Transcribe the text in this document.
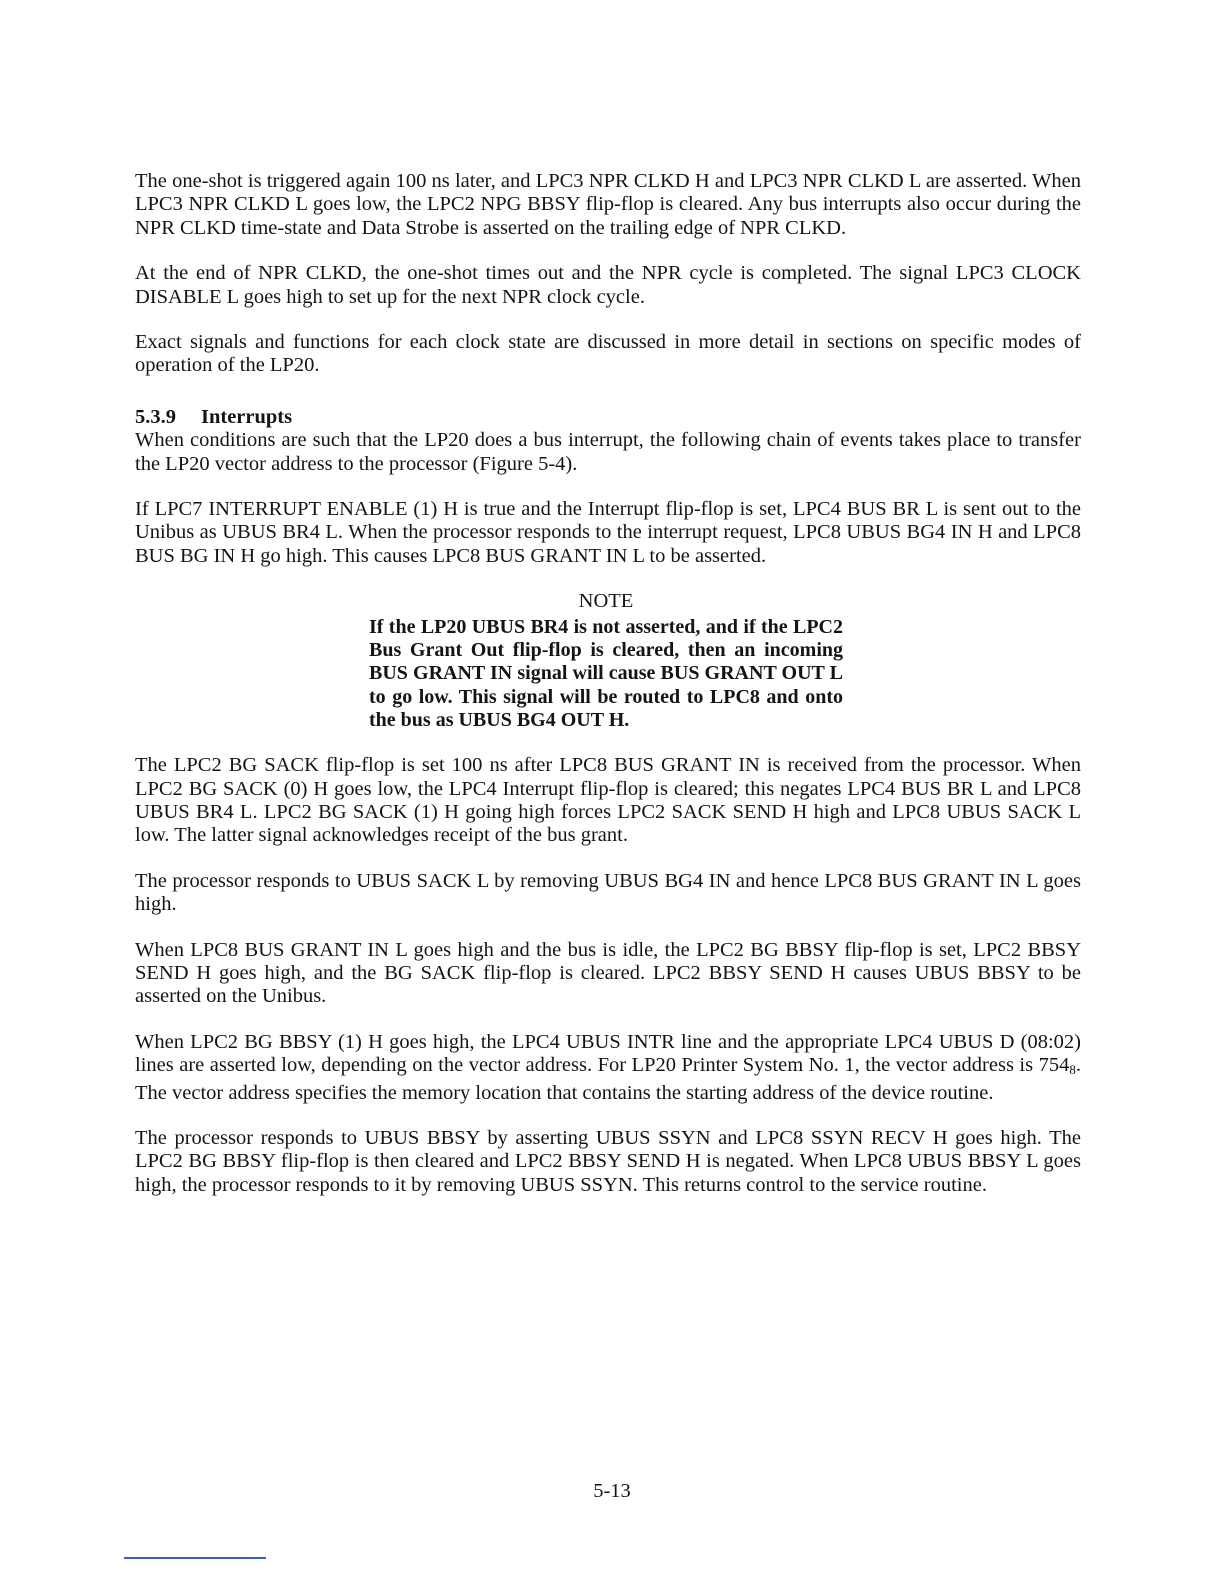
The one-shot is triggered again 100 ns later, and LPC3 NPR CLKD H and LPC3 NPR CLKD L are asserted. When LPC3 NPR CLKD L goes low, the LPC2 NPG BBSY flip-flop is cleared. Any bus interrupts also occur during the NPR CLKD time-state and Data Strobe is asserted on the trailing edge of NPR CLKD.

At the end of NPR CLKD, the one-shot times out and the NPR cycle is completed. The signal LPC3 CLOCK DISABLE L goes high to set up for the next NPR clock cycle.

Exact signals and functions for each clock state are discussed in more detail in sections on specific modes of operation of the LP20.

5.3.9 Interrupts

When conditions are such that the LP20 does a bus interrupt, the following chain of events takes place to transfer the LP20 vector address to the processor (Figure 5-4).

If LPC7 INTERRUPT ENABLE (1) H is true and the Interrupt flip-flop is set, LPC4 BUS BR L is sent out to the Unibus as UBUS BR4 L. When the processor responds to the interrupt request, LPC8 UBUS BG4 IN H and LPC8 BUS BG IN H go high. This causes LPC8 BUS GRANT IN L to be asserted.

NOTE

If the LP20 UBUS BR4 is not asserted, and if the LPC2 Bus Grant Out flip-flop is cleared, then an incoming BUS GRANT IN signal will cause BUS GRANT OUT L to go low. This signal will be routed to LPC8 and onto the bus as UBUS BG4 OUT H.

The LPC2 BG SACK flip-flop is set 100 ns after LPC8 BUS GRANT IN is received from the processor. When LPC2 BG SACK (0) H goes low, the LPC4 Interrupt flip-flop is cleared; this negates LPC4 BUS BR L and LPC8 UBUS BR4 L. LPC2 BG SACK (1) H going high forces LPC2 SACK SEND H high and LPC8 UBUS SACK L low. The latter signal acknowledges receipt of the bus grant.

The processor responds to UBUS SACK L by removing UBUS BG4 IN and hence LPC8 BUS GRANT IN L goes high.

When LPC8 BUS GRANT IN L goes high and the bus is idle, the LPC2 BG BBSY flip-flop is set, LPC2 BBSY SEND H goes high, and the BG SACK flip-flop is cleared. LPC2 BBSY SEND H causes UBUS BBSY to be asserted on the Unibus.

When LPC2 BG BBSY (1) H goes high, the LPC4 UBUS INTR line and the appropriate LPC4 UBUS D (08:02) lines are asserted low, depending on the vector address. For LP20 Printer System No. 1, the vector address is $754_8$. The vector address specifies the memory location that contains the starting address of the device routine.

The processor responds to UBUS BBSY by asserting UBUS SSYN and LPC8 SSYN RECV H goes high. The LPC2 BG BBSY flip-flop is then cleared and LPC2 BBSY SEND H is negated. When LPC8 UBUS BBSY L goes high, the processor responds to it by removing UBUS SSYN. This returns control to the service routine.

5-13
